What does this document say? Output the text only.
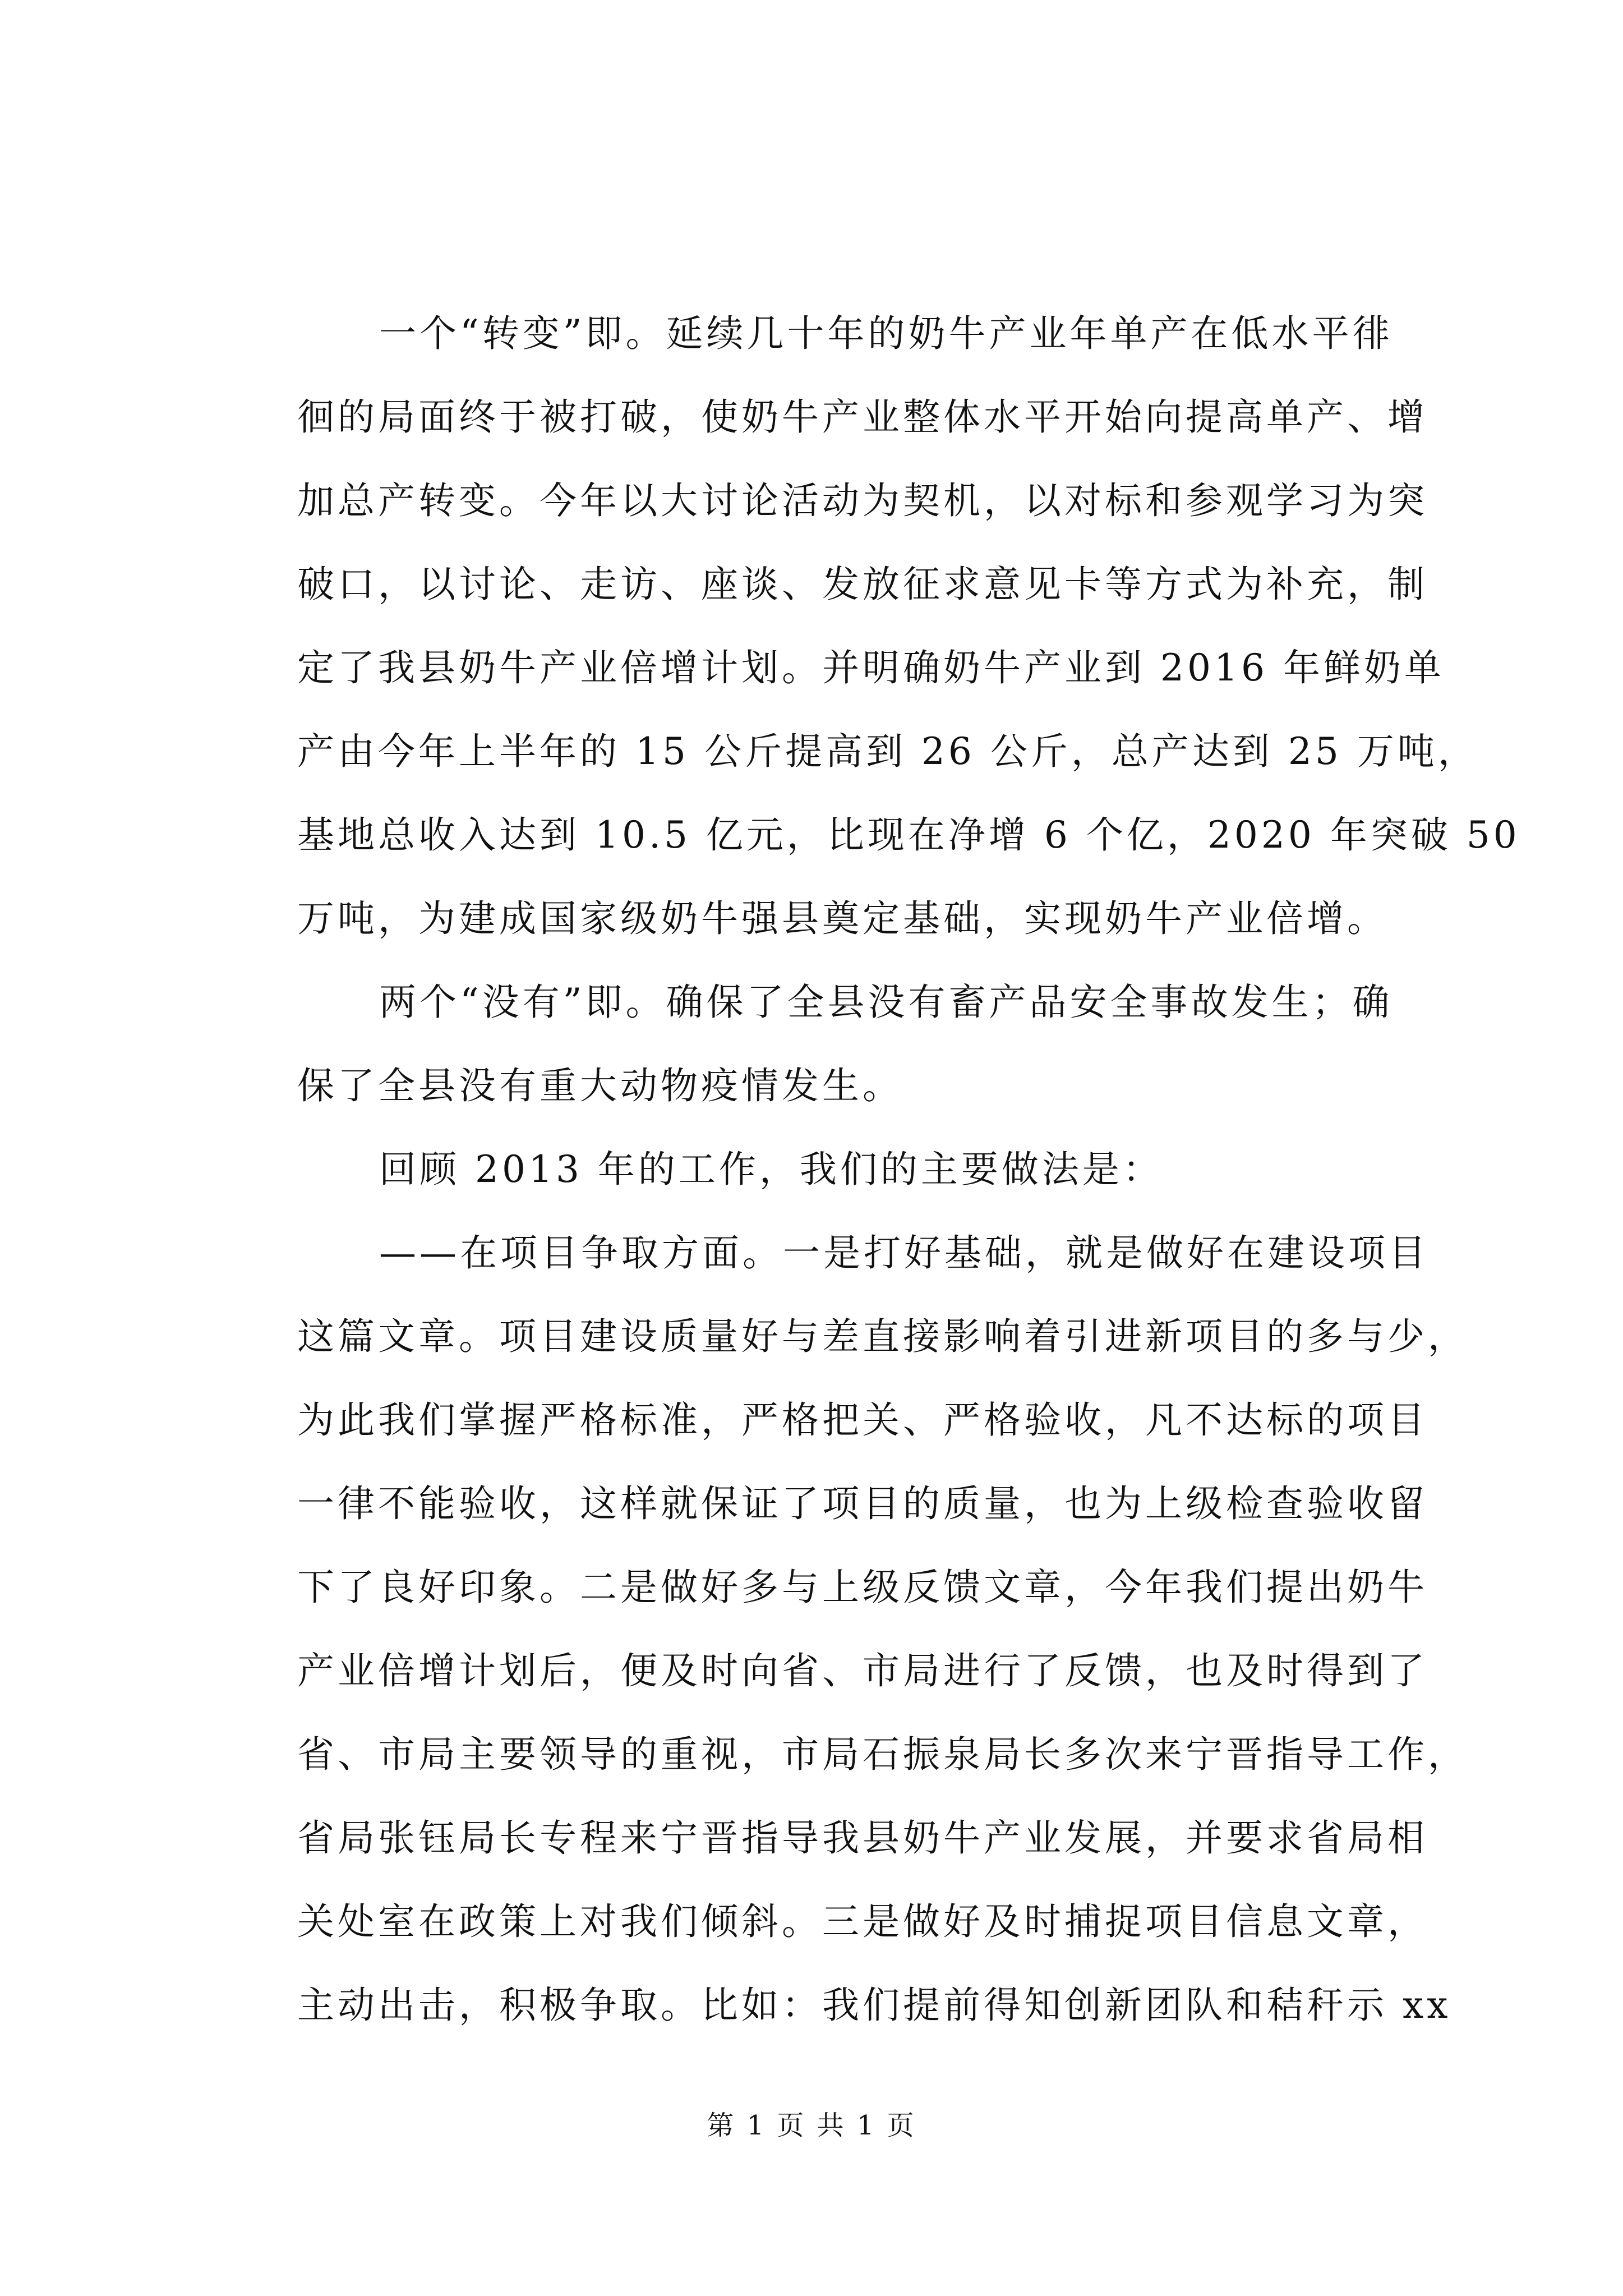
　　一个“转变”即。延续几十年的奶牛产业年单产在低水平徘
徊的局面终于被打破，使奶牛产业整体水平开始向提高单产、增
加总产转变。今年以大讨论活动为契机，以对标和参观学习为突
破口，以讨论、走访、座谈、发放征求意见卡等方式为补充，制
定了我县奶牛产业倍增计划。并明确奶牛产业到 2016 年鲜奶单
产由今年上半年的 15 公斤提高到 26 公斤，总产达到 25 万吨，
基地总收入达到 10.5 亿元，比现在净增 6 个亿，2020 年突破 50
万吨，为建成国家级奶牛强县奠定基础，实现奶牛产业倍增。
　　两个“没有”即。确保了全县没有畜产品安全事故发生；确
保了全县没有重大动物疫情发生。
　　回顾 2013 年的工作，我们的主要做法是：
　　——在项目争取方面。一是打好基础，就是做好在建设项目
这篇文章。项目建设质量好与差直接影响着引进新项目的多与少，
为此我们掌握严格标准，严格把关、严格验收，凡不达标的项目
一律不能验收，这样就保证了项目的质量，也为上级检查验收留
下了良好印象。二是做好多与上级反馈文章，今年我们提出奶牛
产业倍增计划后，便及时向省、市局进行了反馈，也及时得到了
省、市局主要领导的重视，市局石振泉局长多次来宁晋指导工作，
省局张钰局长专程来宁晋指导我县奶牛产业发展，并要求省局相
关处室在政策上对我们倾斜。三是做好及时捕捉项目信息文章，
主动出击，积极争取。比如：我们提前得知创新团队和秸秆示 xx
第 1 页 共 1 页
